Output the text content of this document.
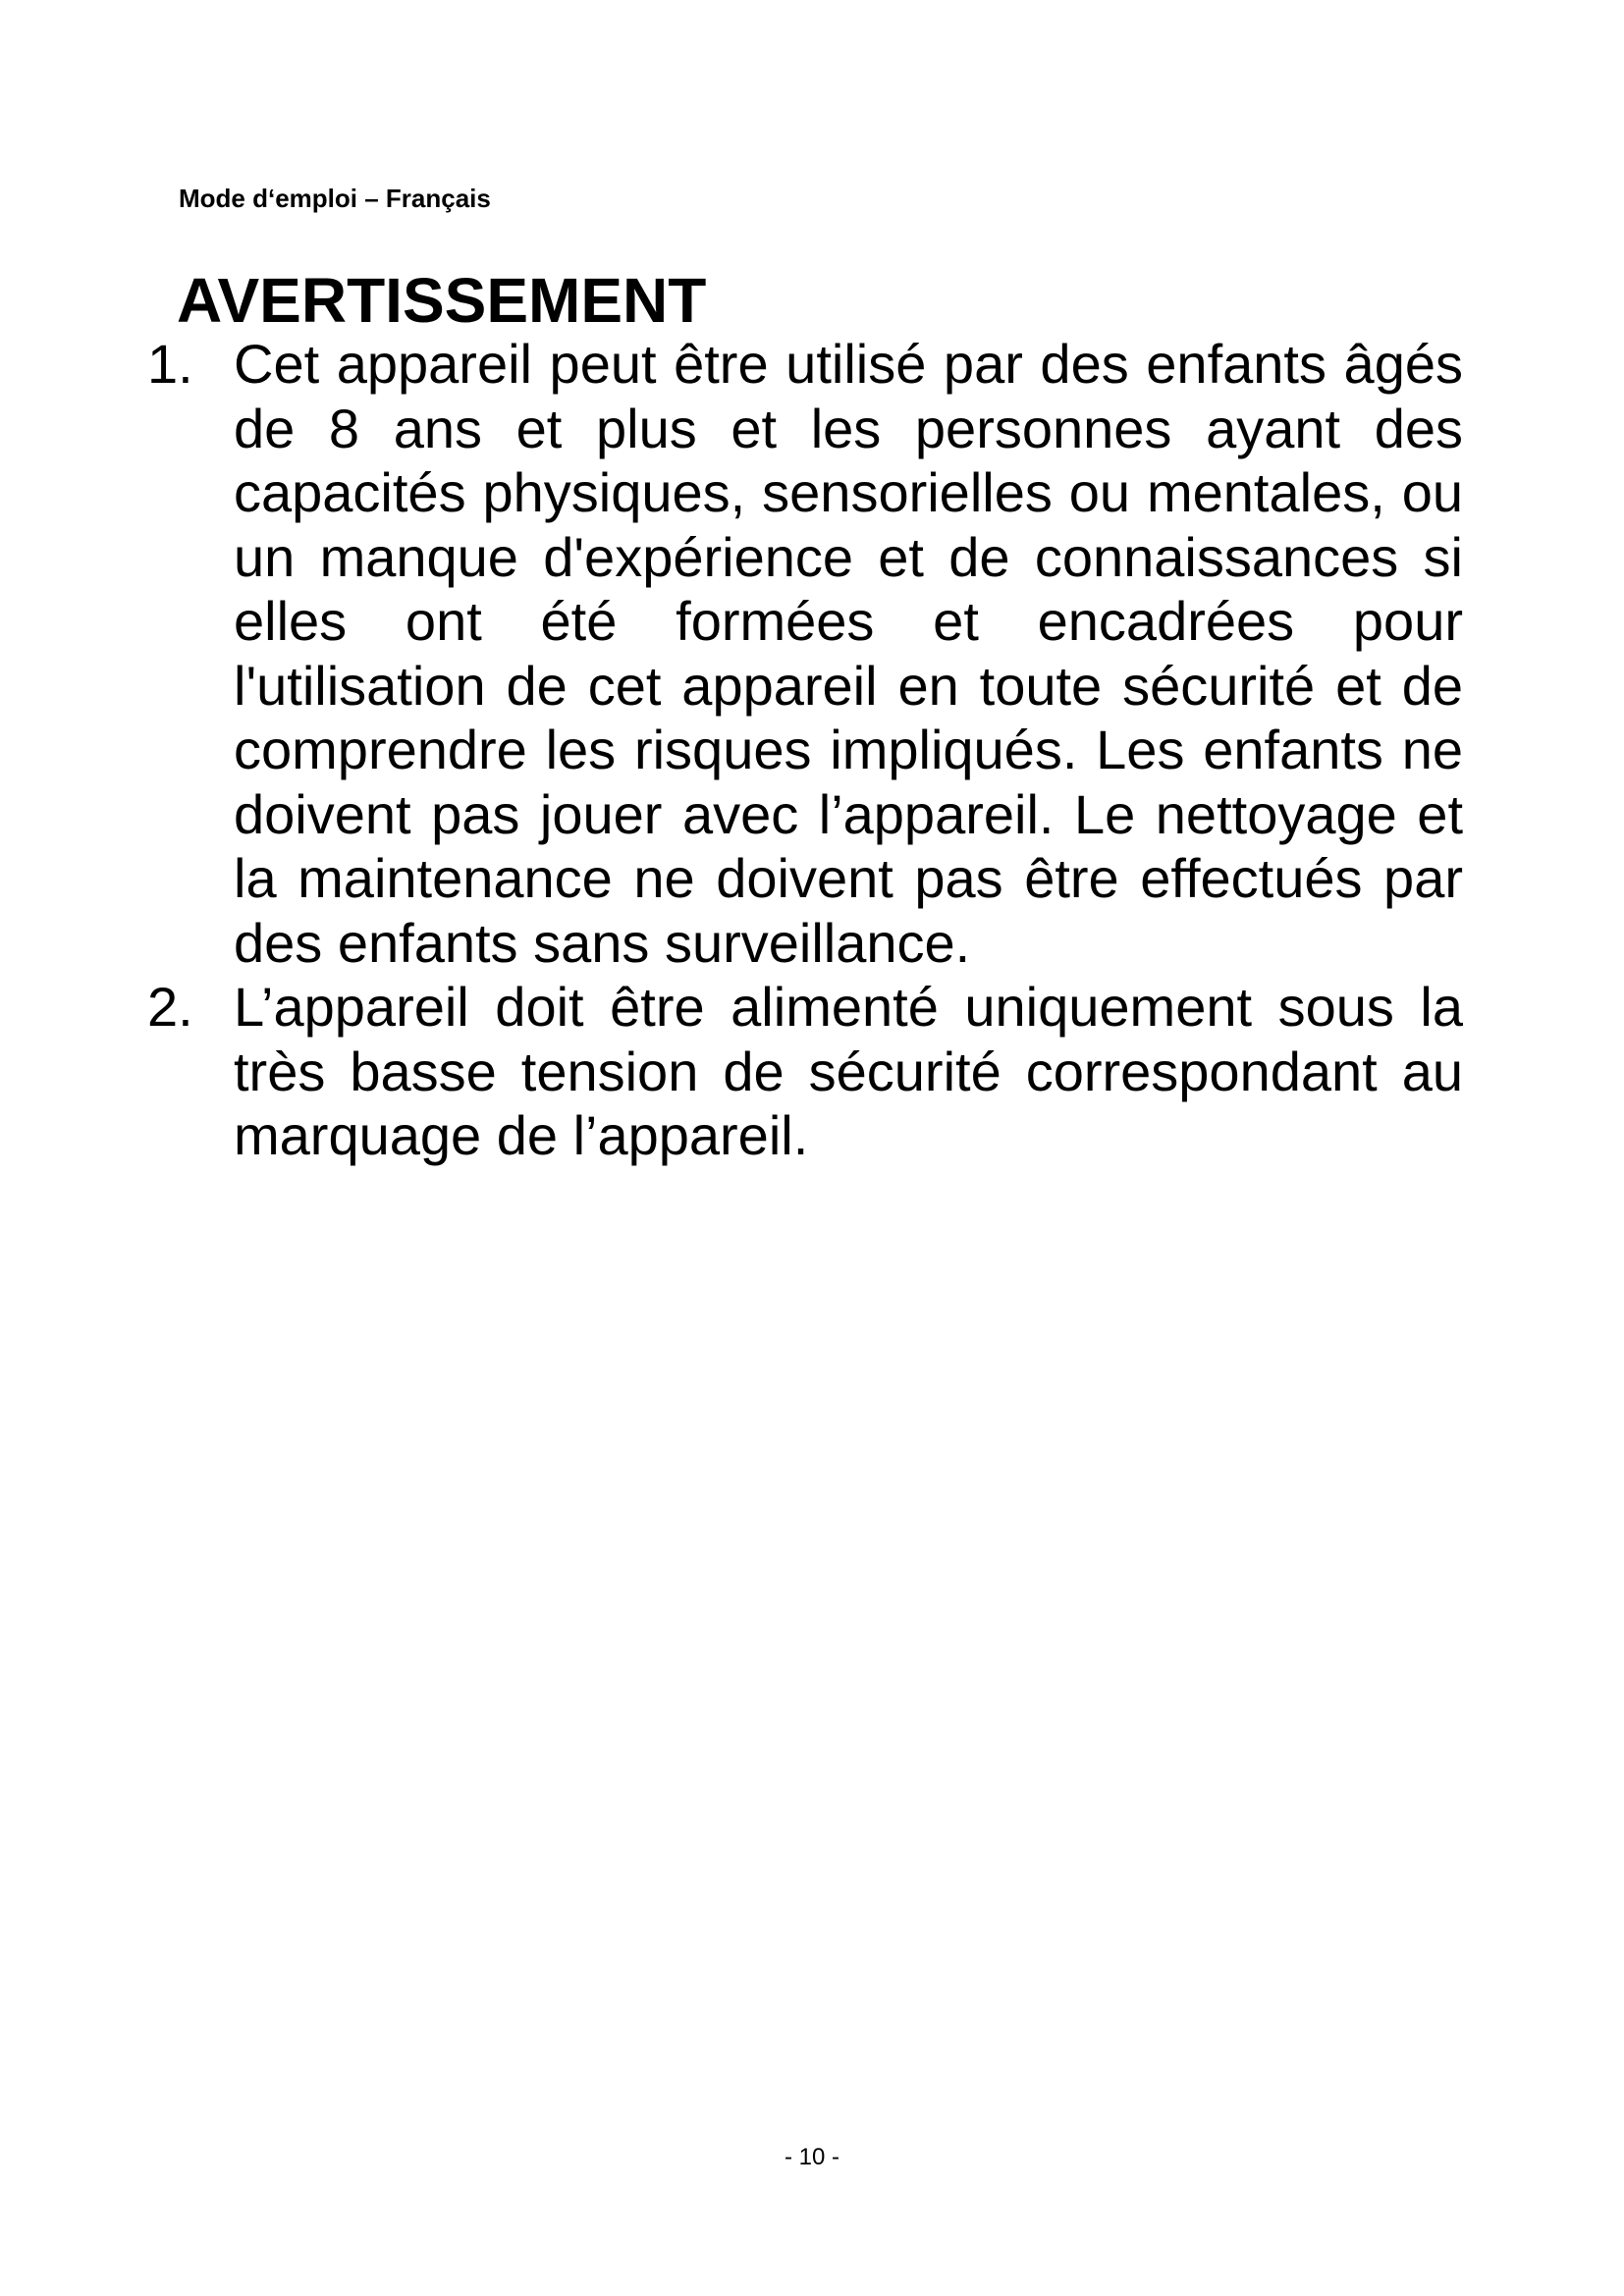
Mode d‘emploi – Français
AVERTISSEMENT
1. Cet appareil peut être utilisé par des enfants âgés de 8 ans et plus et les personnes ayant des capacités physiques, sensorielles ou mentales, ou un manque d'expérience et de connaissances si elles ont été formées et encadrées pour l'utilisation de cet appareil en toute sécurité et de comprendre les risques impliqués. Les enfants ne doivent pas jouer avec l’appareil. Le nettoyage et la maintenance ne doivent pas être effectués par des enfants sans surveillance.
2. L’appareil doit être alimenté uniquement sous la très basse tension de sécurité correspondant au marquage de l’appareil.
- 10 -
